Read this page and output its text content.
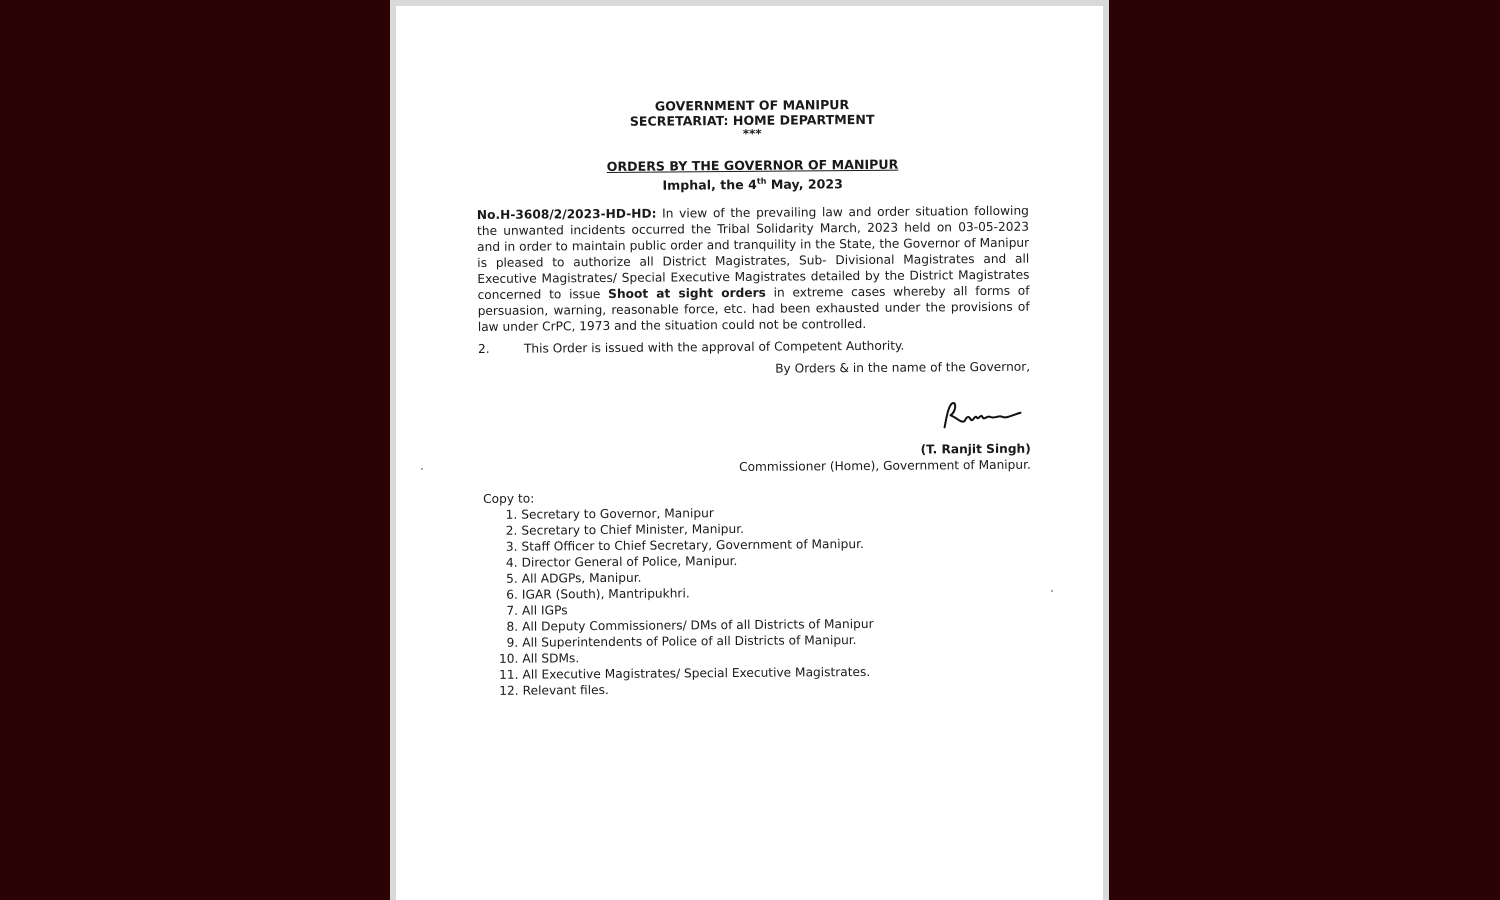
GOVERNMENT OF MANIPUR
SECRETARIAT: HOME DEPARTMENT
***
ORDERS BY THE GOVERNOR OF MANIPUR
Imphal, the 4th May, 2023
No.H-3608/2/2023-HD-HD: In view of the prevailing law and order situation following the unwanted incidents occurred the Tribal Solidarity March, 2023 held on 03-05-2023 and in order to maintain public order and tranquility in the State, the Governor of Manipur is pleased to authorize all District Magistrates, Sub- Divisional Magistrates and all Executive Magistrates/ Special Executive Magistrates detailed by the District Magistrates concerned to issue Shoot at sight orders in extreme cases whereby all forms of persuasion, warning, reasonable force, etc. had been exhausted under the provisions of law under CrPC, 1973 and the situation could not be controlled.
2.	This Order is issued with the approval of Competent Authority.
By Orders & in the name of the Governor,
(T. Ranjit Singh)
Commissioner (Home), Government of Manipur.
Copy to:
1. Secretary to Governor, Manipur
2. Secretary to Chief Minister, Manipur.
3. Staff Officer to Chief Secretary, Government of Manipur.
4. Director General of Police, Manipur.
5. All ADGPs, Manipur.
6. IGAR (South), Mantripukhri.
7. All IGPs
8. All Deputy Commissioners/ DMs of all Districts of Manipur
9. All Superintendents of Police of all Districts of Manipur.
10. All SDMs.
11. All Executive Magistrates/ Special Executive Magistrates.
12. Relevant files.
